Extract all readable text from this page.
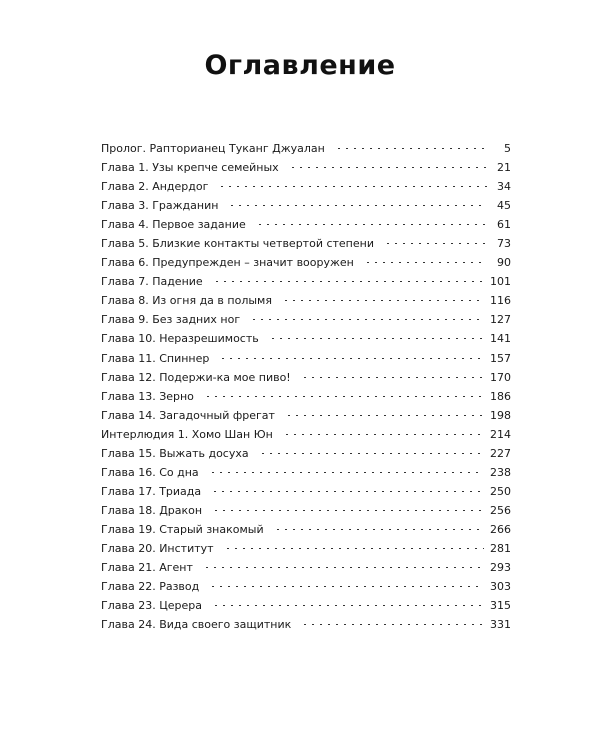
Оглавление
Пролог. Рапторианец Туканг Джуалан	5
Глава 1. Узы крепче семейных	21
Глава 2. Андердог	34
Глава 3. Гражданин	45
Глава 4. Первое задание	61
Глава 5. Близкие контакты четвертой степени	73
Глава 6. Предупрежден – значит вооружен	90
Глава 7. Падение	101
Глава 8. Из огня да в полымя	116
Глава 9. Без задних ног	127
Глава 10. Неразрешимость	141
Глава 11. Спиннер	157
Глава 12. Подержи-ка мое пиво!	170
Глава 13. Зерно	186
Глава 14. Загадочный фрегат	198
Интерлюдия 1. Хомо Шан Юн	214
Глава 15. Выжать досуха	227
Глава 16. Со дна	238
Глава 17. Триада	250
Глава 18. Дракон	256
Глава 19. Старый знакомый	266
Глава 20. Институт	281
Глава 21. Агент	293
Глава 22. Развод	303
Глава 23. Церера	315
Глава 24. Вида своего защитник	331
